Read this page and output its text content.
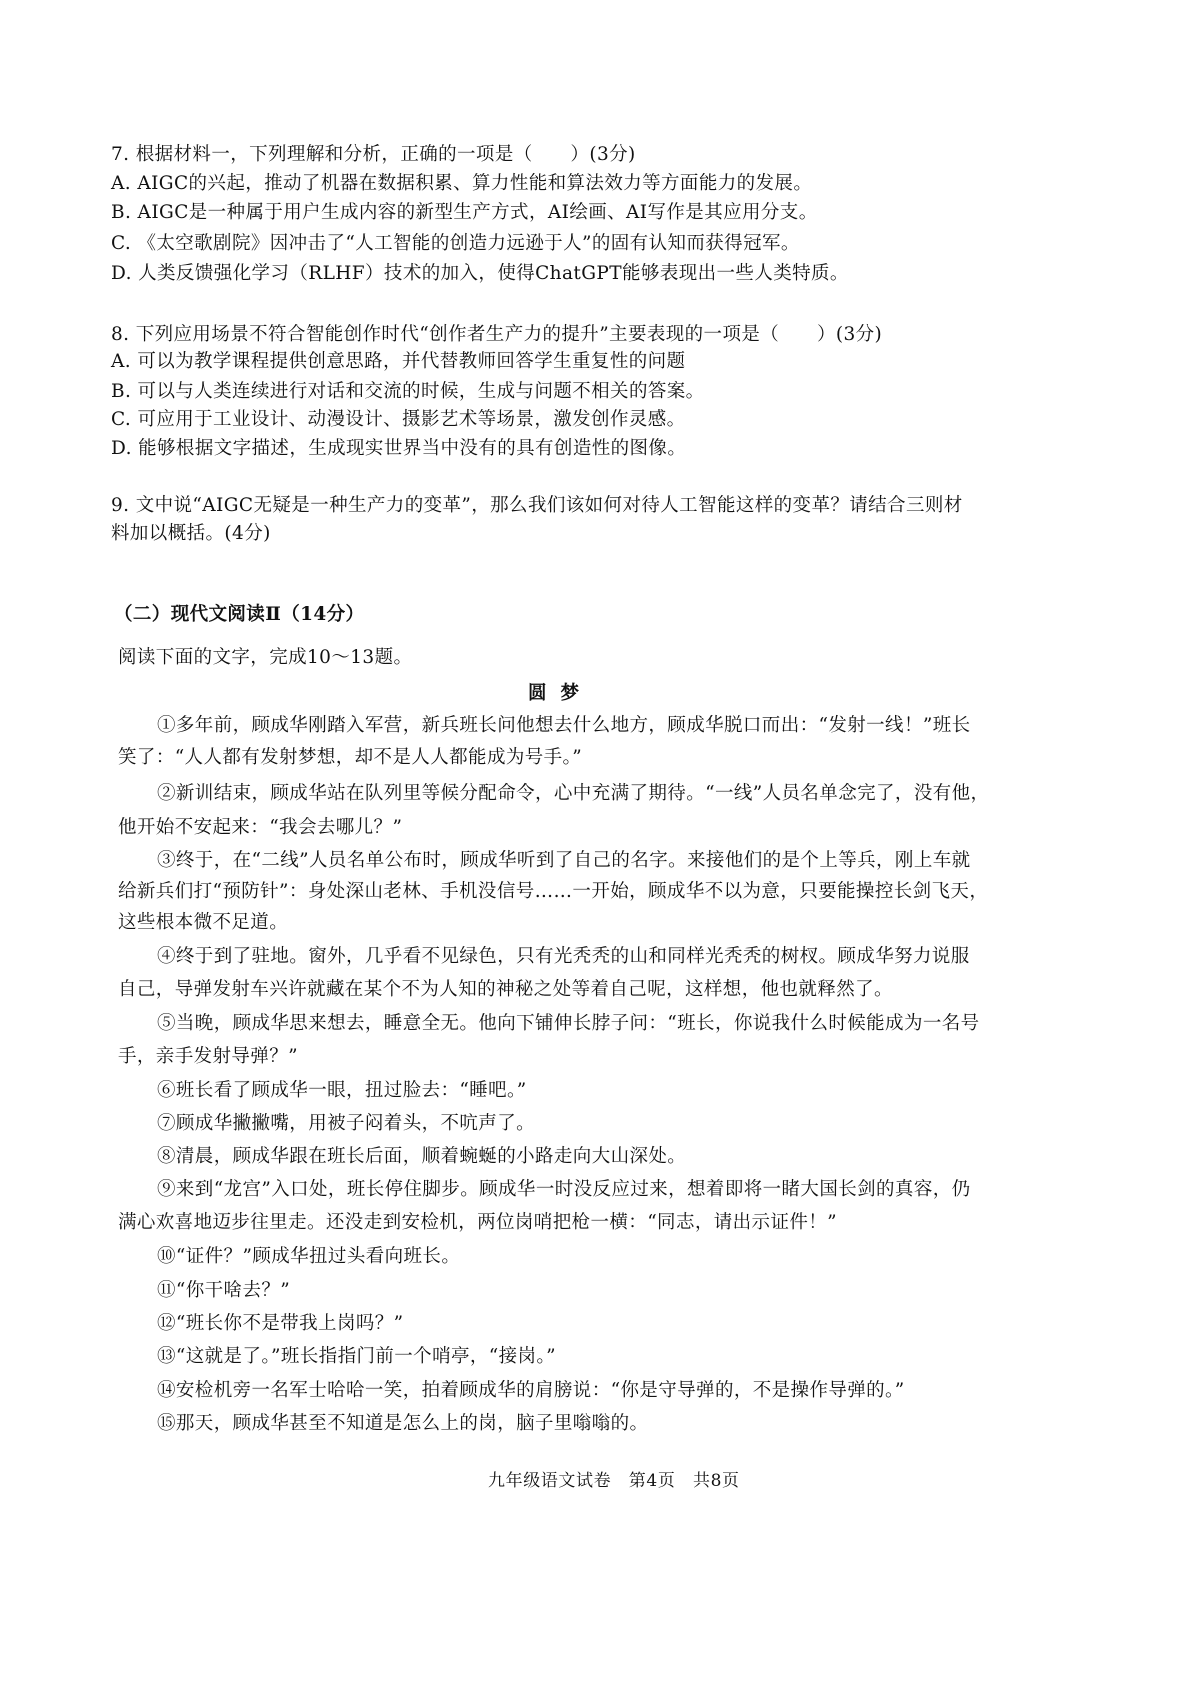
7. 根据材料一，下列理解和分析，正确的一项是（　　）(3分)
A. AIGC的兴起，推动了机器在数据积累、算力性能和算法效力等方面能力的发展。
B. AIGC是一种属于用户生成内容的新型生产方式，AI绘画、AI写作是其应用分支。
C. 《太空歌剧院》因冲击了“人工智能的创造力远逊于人”的固有认知而获得冠军。
D. 人类反馈强化学习（RLHF）技术的加入，使得ChatGPT能够表现出一些人类特质。
8. 下列应用场景不符合智能创作时代“创作者生产力的提升”主要表现的一项是（　　）(3分)
A. 可以为教学课程提供创意思路，并代替教师回答学生重复性的问题
B. 可以与人类连续进行对话和交流的时候，生成与问题不相关的答案。
C. 可应用于工业设计、动漫设计、摄影艺术等场景，激发创作灵感。
D. 能够根据文字描述，生成现实世界当中没有的具有创造性的图像。
9. 文中说“AIGC无疑是一种生产力的变革”，那么我们该如何对待人工智能这样的变革？请结合三则材
料加以概括。(4分)
（二）现代文阅读Ⅱ（14分）
阅读下面的文字，完成10～13题。
圆梦
①多年前，顾成华刚踏入军营，新兵班长问他想去什么地方，顾成华脱口而出：“发射一线！”班长
笑了：“人人都有发射梦想，却不是人人都能成为号手。”
②新训结束，顾成华站在队列里等候分配命令，心中充满了期待。“一线”人员名单念完了，没有他，
他开始不安起来：“我会去哪儿？”
③终于，在“二线”人员名单公布时，顾成华听到了自己的名字。来接他们的是个上等兵，刚上车就
给新兵们打“预防针”：身处深山老林、手机没信号……一开始，顾成华不以为意，只要能操控长剑飞天，
这些根本微不足道。
④终于到了驻地。窗外，几乎看不见绿色，只有光秃秃的山和同样光秃秃的树杈。顾成华努力说服
自己，导弹发射车兴许就藏在某个不为人知的神秘之处等着自己呢，这样想，他也就释然了。
⑤当晚，顾成华思来想去，睡意全无。他向下铺伸长脖子问：“班长，你说我什么时候能成为一名号
手，亲手发射导弹？”
⑥班长看了顾成华一眼，扭过脸去：“睡吧。”
⑦顾成华撇撇嘴，用被子闷着头，不吭声了。
⑧清晨，顾成华跟在班长后面，顺着蜿蜒的小路走向大山深处。
⑨来到“龙宫”入口处，班长停住脚步。顾成华一时没反应过来，想着即将一睹大国长剑的真容，仍
满心欢喜地迈步往里走。还没走到安检机，两位岗哨把枪一横：“同志，请出示证件！”
⑩“证件？”顾成华扭过头看向班长。
⑪“你干啥去？”
⑫“班长你不是带我上岗吗？”
⑬“这就是了。”班长指指门前一个哨亭，“接岗。”
⑭安检机旁一名军士哈哈一笑，拍着顾成华的肩膀说：“你是守导弹的，不是操作导弹的。”
⑮那天，顾成华甚至不知道是怎么上的岗，脑子里嗡嗡的。
九年级语文试卷　第4页　共8页
